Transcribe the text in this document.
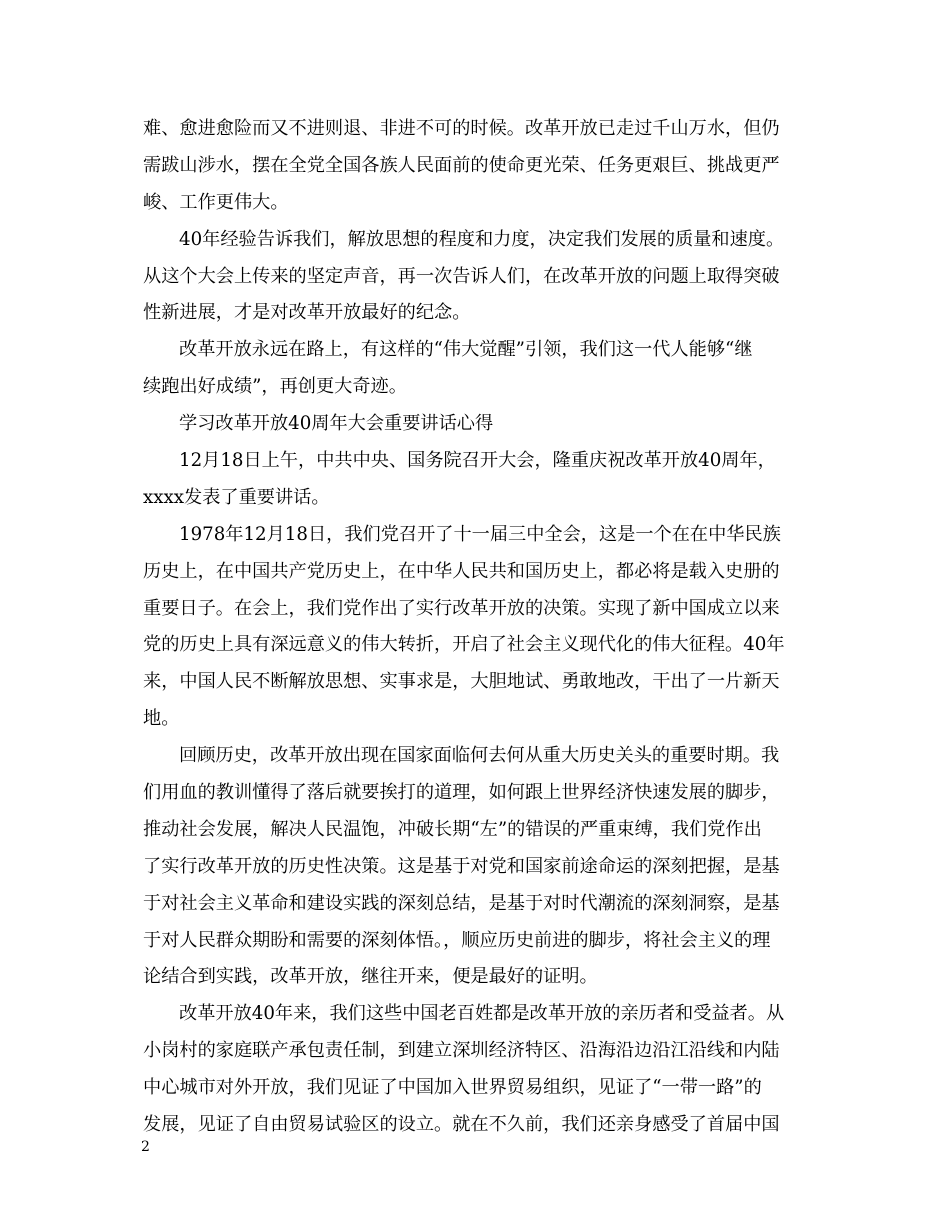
难、愈进愈险而又不进则退、非进不可的时候。改革开放已走过千山万水，但仍
需跋山涉水，摆在全党全国各族人民面前的使命更光荣、任务更艰巨、挑战更严
峻、工作更伟大。
40年经验告诉我们，解放思想的程度和力度，决定我们发展的质量和速度。
从这个大会上传来的坚定声音，再一次告诉人们，在改革开放的问题上取得突破
性新进展，才是对改革开放最好的纪念。
改革开放永远在路上，有这样的“伟大觉醒”引领，我们这一代人能够“继
续跑出好成绩”，再创更大奇迹。
学习改革开放40周年大会重要讲话心得
12月18日上午，中共中央、国务院召开大会，隆重庆祝改革开放40周年，
xxxx发表了重要讲话。
1978年12月18日，我们党召开了十一届三中全会，这是一个在在中华民族
历史上，在中国共产党历史上，在中华人民共和国历史上，都必将是载入史册的
重要日子。在会上，我们党作出了实行改革开放的决策。实现了新中国成立以来
党的历史上具有深远意义的伟大转折，开启了社会主义现代化的伟大征程。40年
来，中国人民不断解放思想、实事求是，大胆地试、勇敢地改，干出了一片新天
地。
回顾历史，改革开放出现在国家面临何去何从重大历史关头的重要时期。我
们用血的教训懂得了落后就要挨打的道理，如何跟上世界经济快速发展的脚步，
推动社会发展，解决人民温饱，冲破长期“左”的错误的严重束缚，我们党作出
了实行改革开放的历史性决策。这是基于对党和国家前途命运的深刻把握，是基
于对社会主义革命和建设实践的深刻总结，是基于对时代潮流的深刻洞察，是基
于对人民群众期盼和需要的深刻体悟。，顺应历史前进的脚步，将社会主义的理
论结合到实践，改革开放，继往开来，便是最好的证明。
改革开放40年来，我们这些中国老百姓都是改革开放的亲历者和受益者。从
小岗村的家庭联产承包责任制，到建立深圳经济特区、沿海沿边沿江沿线和内陆
中心城市对外开放，我们见证了中国加入世界贸易组织，见证了“一带一路”的
发展，见证了自由贸易试验区的设立。就在不久前，我们还亲身感受了首届中国
2
